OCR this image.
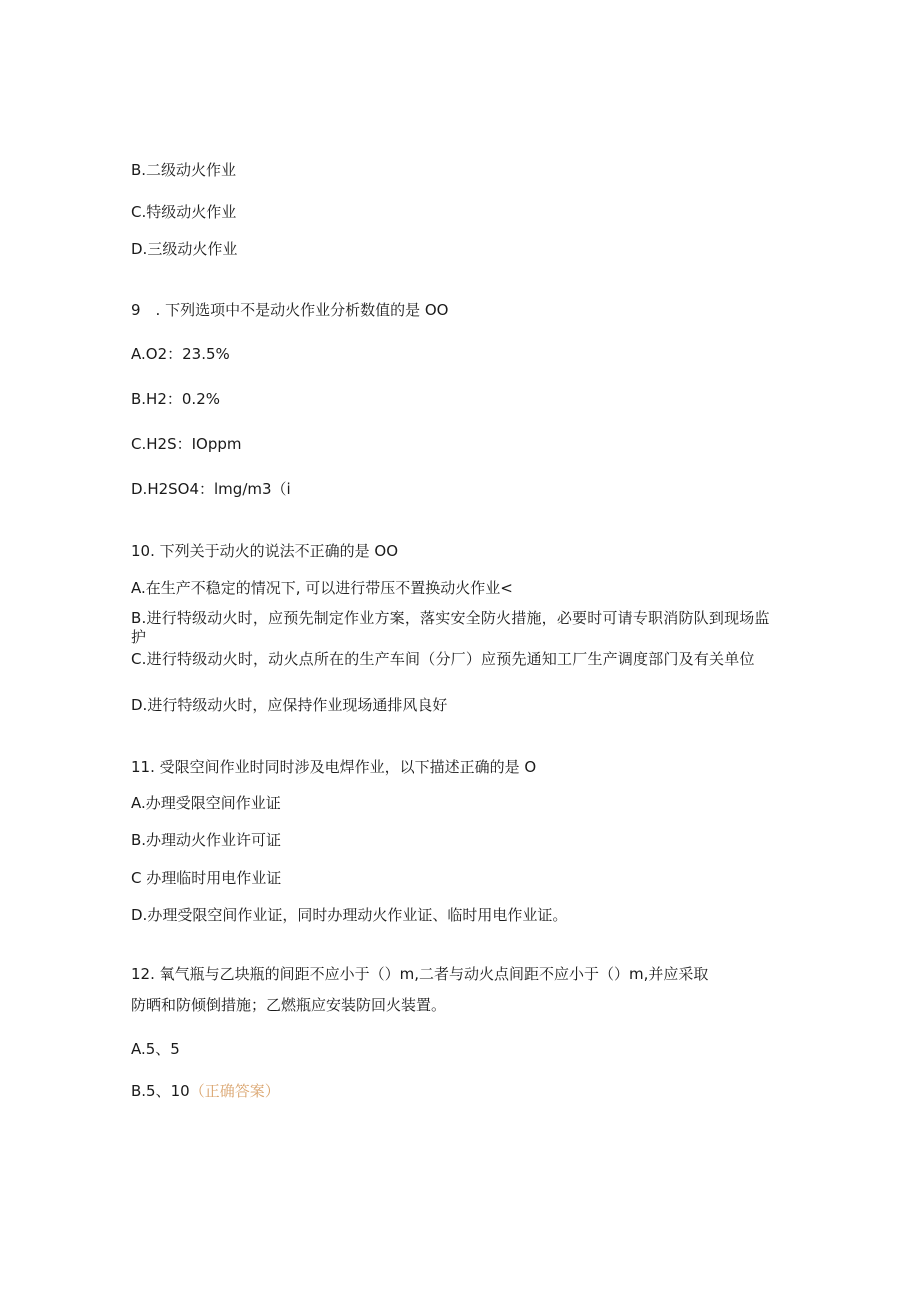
B.二级动火作业
C.特级动火作业
D.三级动火作业
9　. 下列选项中不是动火作业分析数值的是 OO
A.O2：23.5%
B.H2：0.2%
C.H2S：IOppm
D.H2SO4：lmg∕m3（i
10. 下列关于动火的说法不正确的是 OO
A.在生产不稳定的情况下, 可以进行带压不置换动火作业<
B.进行特级动火时，应预先制定作业方案，落实安全防火措施，必要时可请专职消防队到现场监护
C.进行特级动火时，动火点所在的生产车间（分厂）应预先通知工厂生产调度部门及有关单位
D.进行特级动火时，应保持作业现场通排风良好
11. 受限空间作业时同时涉及电焊作业，以下描述正确的是 O
A.办理受限空间作业证
B.办理动火作业许可证
C 办理临时用电作业证
D.办理受限空间作业证，同时办理动火作业证、临时用电作业证。
12. 氧气瓶与乙块瓶的间距不应小于（）m,二者与动火点间距不应小于（）m,并应采取
防晒和防倾倒措施；乙燃瓶应安装防回火装置。
A.5、5
B.5、10（正确答案）
